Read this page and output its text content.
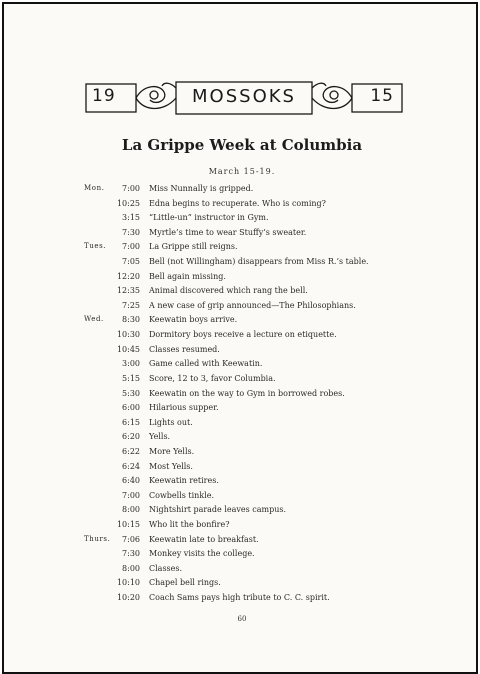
19	MOSSOKS	15
La Grippe Week at Columbia
March 15-19.
Mon. 7:00 Miss Nunnally is gripped.
10:25 Edna begins to recuperate. Who is coming?
3:15 “Little-un” instructor in Gym.
7:30 Myrtle’s time to wear Stuffy’s sweater.
Tues. 7:00 La Grippe still reigns.
7:05 Bell (not Willingham) disappears from Miss R.’s table.
12:20 Bell again missing.
12:35 Animal discovered which rang the bell.
7:25 A new case of grip announced—The Philosophians.
Wed. 8:30 Keewatin boys arrive.
10:30 Dormitory boys receive a lecture on etiquette.
10:45 Classes resumed.
3:00 Game called with Keewatin.
5:15 Score, 12 to 3, favor Columbia.
5:30 Keewatin on the way to Gym in borrowed robes.
6:00 Hilarious supper.
6:15 Lights out.
6:20 Yells.
6:22 More Yells.
6:24 Most Yells.
6:40 Keewatin retires.
7:00 Cowbells tinkle.
8:00 Nightshirt parade leaves campus.
10:15 Who lit the bonfire?
Thurs. 7:06 Keewatin late to breakfast.
7:30 Monkey visits the college.
8:00 Classes.
10:10 Chapel bell rings.
10:20 Coach Sams pays high tribute to C. C. spirit.
60
